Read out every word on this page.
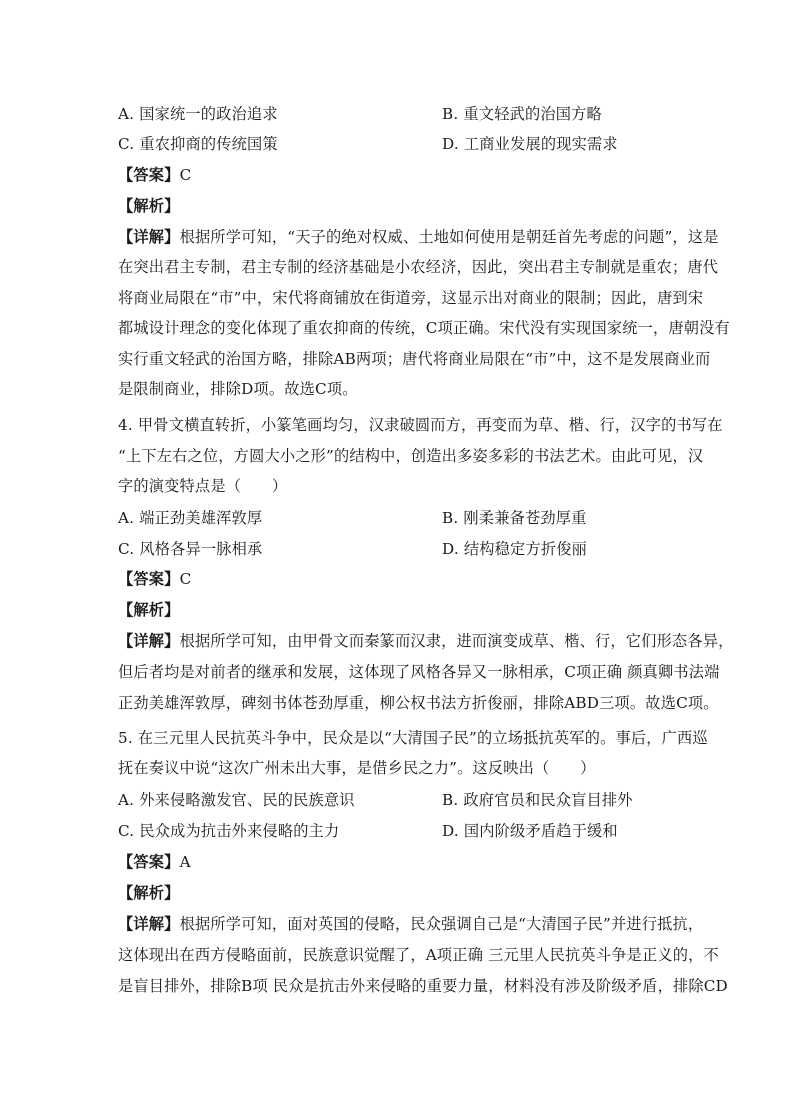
A. 国家统一的政治追求	B. 重文轻武的治国方略
C. 重农抑商的传统国策	D. 工商业发展的现实需求
【答案】C
【解析】
【详解】根据所学可知，“天子的绝对权威、土地如何使用是朝廷首先考虑的问题”，这是
在突出君主专制，君主专制的经济基础是小农经济，因此，突出君主专制就是重农；唐代
将商业局限在“市”中，宋代将商铺放在街道旁，这显示出对商业的限制；因此，唐到宋
都城设计理念的变化体现了重农抑商的传统，C项正确。宋代没有实现国家统一，唐朝没有
实行重文轻武的治国方略，排除AB两项；唐代将商业局限在“市”中，这不是发展商业而
是限制商业，排除D项。故选C项。
4. 甲骨文横直转折，小篆笔画均匀，汉隶破圆而方，再变而为草、楷、行，汉字的书写在
“上下左右之位，方圆大小之形”的结构中，创造出多姿多彩的书法艺术。由此可见，汉
字的演变特点是（　　）
A. 端正劲美雄浑敦厚	B. 刚柔兼备苍劲厚重
C. 风格各异一脉相承	D. 结构稳定方折俊丽
【答案】C
【解析】
【详解】根据所学可知，由甲骨文而秦篆而汉隶，进而演变成草、楷、行，它们形态各异，
但后者均是对前者的继承和发展，这体现了风格各异又一脉相承，C项正确 颜真卿书法端
正劲美雄浑敦厚，碑刻书体苍劲厚重，柳公权书法方折俊丽，排除ABD三项。故选C项。
5. 在三元里人民抗英斗争中，民众是以“大清国子民”的立场抵抗英军的。事后，广西巡
抚在奏议中说“这次广州未出大事，是借乡民之力”。这反映出（　　）
A. 外来侵略激发官、民的民族意识	B. 政府官员和民众盲目排外
C. 民众成为抗击外来侵略的主力	D. 国内阶级矛盾趋于缓和
【答案】A
【解析】
【详解】根据所学可知，面对英国的侵略，民众强调自己是“大清国子民”并进行抵抗，
这体现出在西方侵略面前，民族意识觉醒了，A项正确 三元里人民抗英斗争是正义的，不
是盲目排外，排除B项 民众是抗击外来侵略的重要力量，材料没有涉及阶级矛盾，排除CD
